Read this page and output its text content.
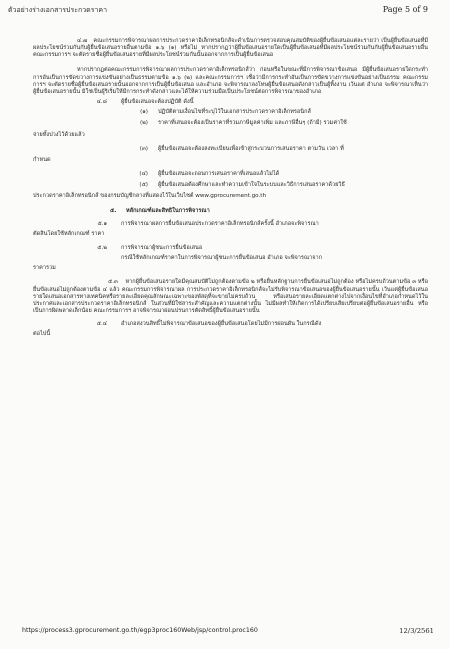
ตัวอย่างร่างเอกสารประกวดราคา	Page 5 of 9

๔.๗ คณะกรรมการพิจารณาผลการประกวดราคาอิเล็กทรอนิกส์จะดำเนินการตรวจสอบคุณสมบัติของผู้ยื่นข้อเสนอแต่ละรายว่า เป็นผู้ยื่นข้อเสนอที่มีผลประโยชน์ร่วมกันกับผู้ยื่นข้อเสนอรายอื่นตามข้อ ๑.๖ (๑) หรือไม่ หากปรากฏว่าผู้ยื่นข้อเสนอรายใดเป็นผู้ยื่นข้อเสนอที่มีผลประโยชน์ร่วมกันกับผู้ยื่นข้อเสนอรายอื่น คณะกรรมการฯ จะตัดรายชื่อผู้ยื่นข้อเสนอรายที่มีผลประโยชน์ร่วมกันนั้นออกจากการเป็นผู้ยื่นข้อเสนอ

หากปรากฏต่อคณะกรรมการพิจารณาผลการประกวดราคาอิเล็กทรอนิกส์ว่า ก่อนหรือในขณะที่มีการพิจารณาข้อเสนอ มีผู้ยื่นข้อเสนอรายใดกระทำการอันเป็นการขัดขวางการแข่งขันอย่างเป็นธรรมตามข้อ ๑.๖ (๒) และคณะกรรมการฯ เชื่อว่ามีการกระทำอันเป็นการขัดขวางการแข่งขันอย่างเป็นธรรม คณะกรรมการฯ จะตัดรายชื่อผู้ยื่นข้อเสนอรายนั้นออกจากการเป็นผู้ยื่นข้อเสนอ และอำเภอ จะพิจารณาลงโทษผู้ยื่นข้อเสนอดังกล่าวเป็นผู้ทิ้งงาน เว้นแต่ อำเภอ จะพิจารณาเห็นว่าผู้ยื่นข้อเสนอรายนั้น มิใช่เป็นผู้ริเริ่มให้มีการกระทำดังกล่าวและได้ให้ความร่วมมือเป็นประโยชน์ต่อการพิจารณาของอำเภอ

๔.๘	ผู้ยื่นข้อเสนอจะต้องปฏิบัติ ดังนี้
(๑)	ปฏิบัติตามเงื่อนไขที่ระบุไว้ในเอกสารประกวดราคาอิเล็กทรอนิกส์
(๒)	ราคาที่เสนอจะต้องเป็นราคาที่รวมภาษีมูลค่าเพิ่ม และภาษีอื่นๆ (ถ้ามี) รวมค่าใช้
จ่ายทั้งปวงไว้ด้วยแล้ว
(๓)	ผู้ยื่นข้อเสนอจะต้องลงทะเบียนเพื่อเข้าสู่กระบวนการเสนอราคา ตามวัน เวลา ที่
กำหนด
(๔)	ผู้ยื่นข้อเสนอจะถอนการเสนอราคาที่เสนอแล้วไม่ได้
(๕)	ผู้ยื่นข้อเสนอต้องศึกษาและทำความเข้าใจในระบบและวิธีการเสนอราคาด้วยวิธี
ประกวดราคาอิเล็กทรอนิกส์ ของกรมบัญชีกลางที่แสดงไว้ในเว็บไซต์ www.gprocurement.go.th
๕. หลักเกณฑ์และสิทธิในการพิจารณา
๕.๑	การพิจารณาผลการยื่นข้อเสนอประกวดราคาอิเล็กทรอนิกส์ครั้งนี้ อำเภอจะพิจารณา
ตัดสินโดยใช้หลักเกณฑ์ ราคา
๕.๒	การพิจารณาผู้ชนะการยื่นข้อเสนอ
กรณีใช้หลักเกณฑ์ราคาในการพิจารณาผู้ชนะการยื่นข้อเสนอ อำเภอ จะพิจารณาจาก
ราคารวม

๕.๓ หากผู้ยื่นข้อเสนอรายใดมีคุณสมบัติไม่ถูกต้องตามข้อ ๒ หรือยื่นหลักฐานการยื่นข้อเสนอไม่ถูกต้อง หรือไม่ครบถ้วนตามข้อ ๓ หรือยื่นข้อเสนอไม่ถูกต้องตามข้อ ๔ แล้ว คณะกรรมการพิจารณาผล การประกวดราคาอิเล็กทรอนิกส์จะไม่รับพิจารณาข้อเสนอของผู้ยื่นข้อเสนอรายนั้น เว้นแต่ผู้ยื่นข้อเสนอรายใดเสนอเอกสารทางเทคนิคหรือรายละเอียดคุณลักษณะเฉพาะของพัสดุที่จะขายไม่ครบถ้วน หรือเสนอรายละเอียดแตกต่างไปจากเงื่อนไขที่อำเภอกำหนดไว้ในประกาศและเอกสารประกวดราคาอิเล็กทรอนิกส์ ในส่วนที่มิใช่สาระสำคัญและความแตกต่างนั้น ไม่มีผลทำให้เกิดการได้เปรียบเสียเปรียบต่อผู้ยื่นข้อเสนอรายอื่น หรือเป็นการผิดพลาดเล็กน้อย คณะกรรมการฯ อาจพิจารณาผ่อนปรนการตัดสิทธิ์ผู้ยื่นข้อเสนอรายนั้น

๕.๔	อำเภอสงวนสิทธิ์ไม่พิจารณาข้อเสนอของผู้ยื่นข้อเสนอโดยไม่มีการผ่อนผัน ในกรณีดัง
ต่อไปนี้
https://process3.gprocurement.go.th/egp3proc160Web/jsp/control.proc160	12/3/2561
